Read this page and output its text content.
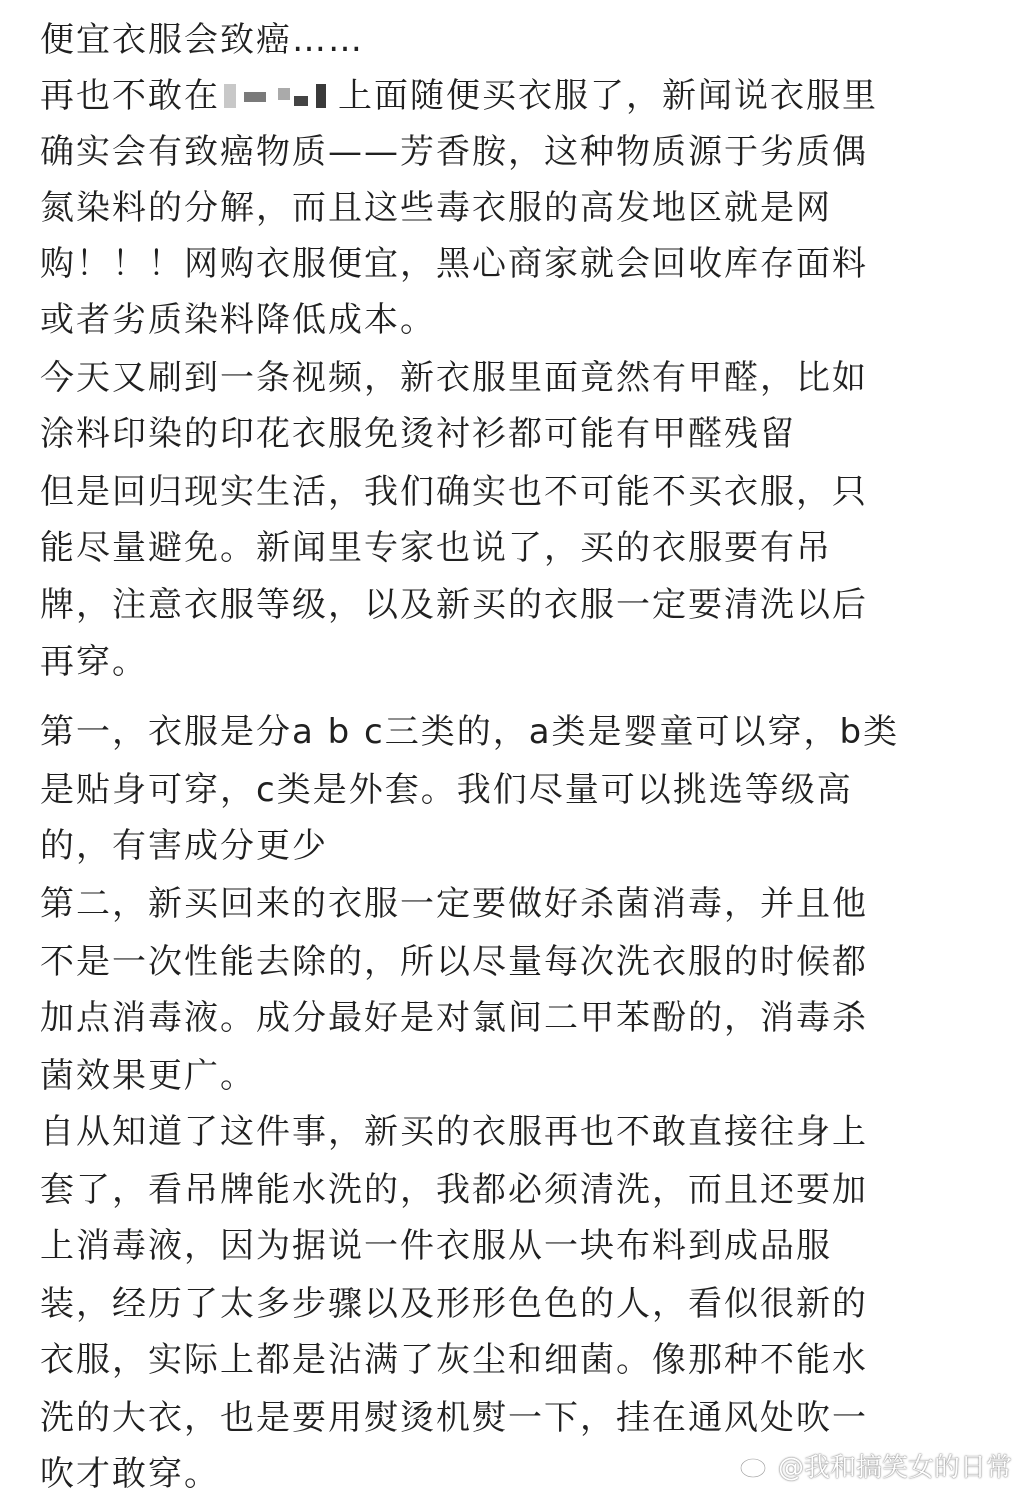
便宜衣服会致癌……
再也不敢在	上面随便买衣服了，新闻说衣服里
确实会有致癌物质——芳香胺，这种物质源于劣质偶
氮染料的分解，而且这些毒衣服的高发地区就是网
购！！！网购衣服便宜，黑心商家就会回收库存面料
或者劣质染料降低成本。
今天又刷到一条视频，新衣服里面竟然有甲醛，比如
涂料印染的印花衣服免烫衬衫都可能有甲醛残留
但是回归现实生活，我们确实也不可能不买衣服，只
能尽量避免。新闻里专家也说了，买的衣服要有吊
牌，注意衣服等级，以及新买的衣服一定要清洗以后
再穿。
第一，衣服是分a b c三类的，a类是婴童可以穿，b类
是贴身可穿，c类是外套。我们尽量可以挑选等级高
的，有害成分更少
第二，新买回来的衣服一定要做好杀菌消毒，并且他
不是一次性能去除的，所以尽量每次洗衣服的时候都
加点消毒液。成分最好是对氯间二甲苯酚的，消毒杀
菌效果更广。
自从知道了这件事，新买的衣服再也不敢直接往身上
套了，看吊牌能水洗的，我都必须清洗，而且还要加
上消毒液，因为据说一件衣服从一块布料到成品服
装，经历了太多步骤以及形形色色的人，看似很新的
衣服，实际上都是沾满了灰尘和细菌。像那种不能水
洗的大衣，也是要用熨烫机熨一下，挂在通风处吹一
吹才敢穿。	@我和搞笑女的日常
